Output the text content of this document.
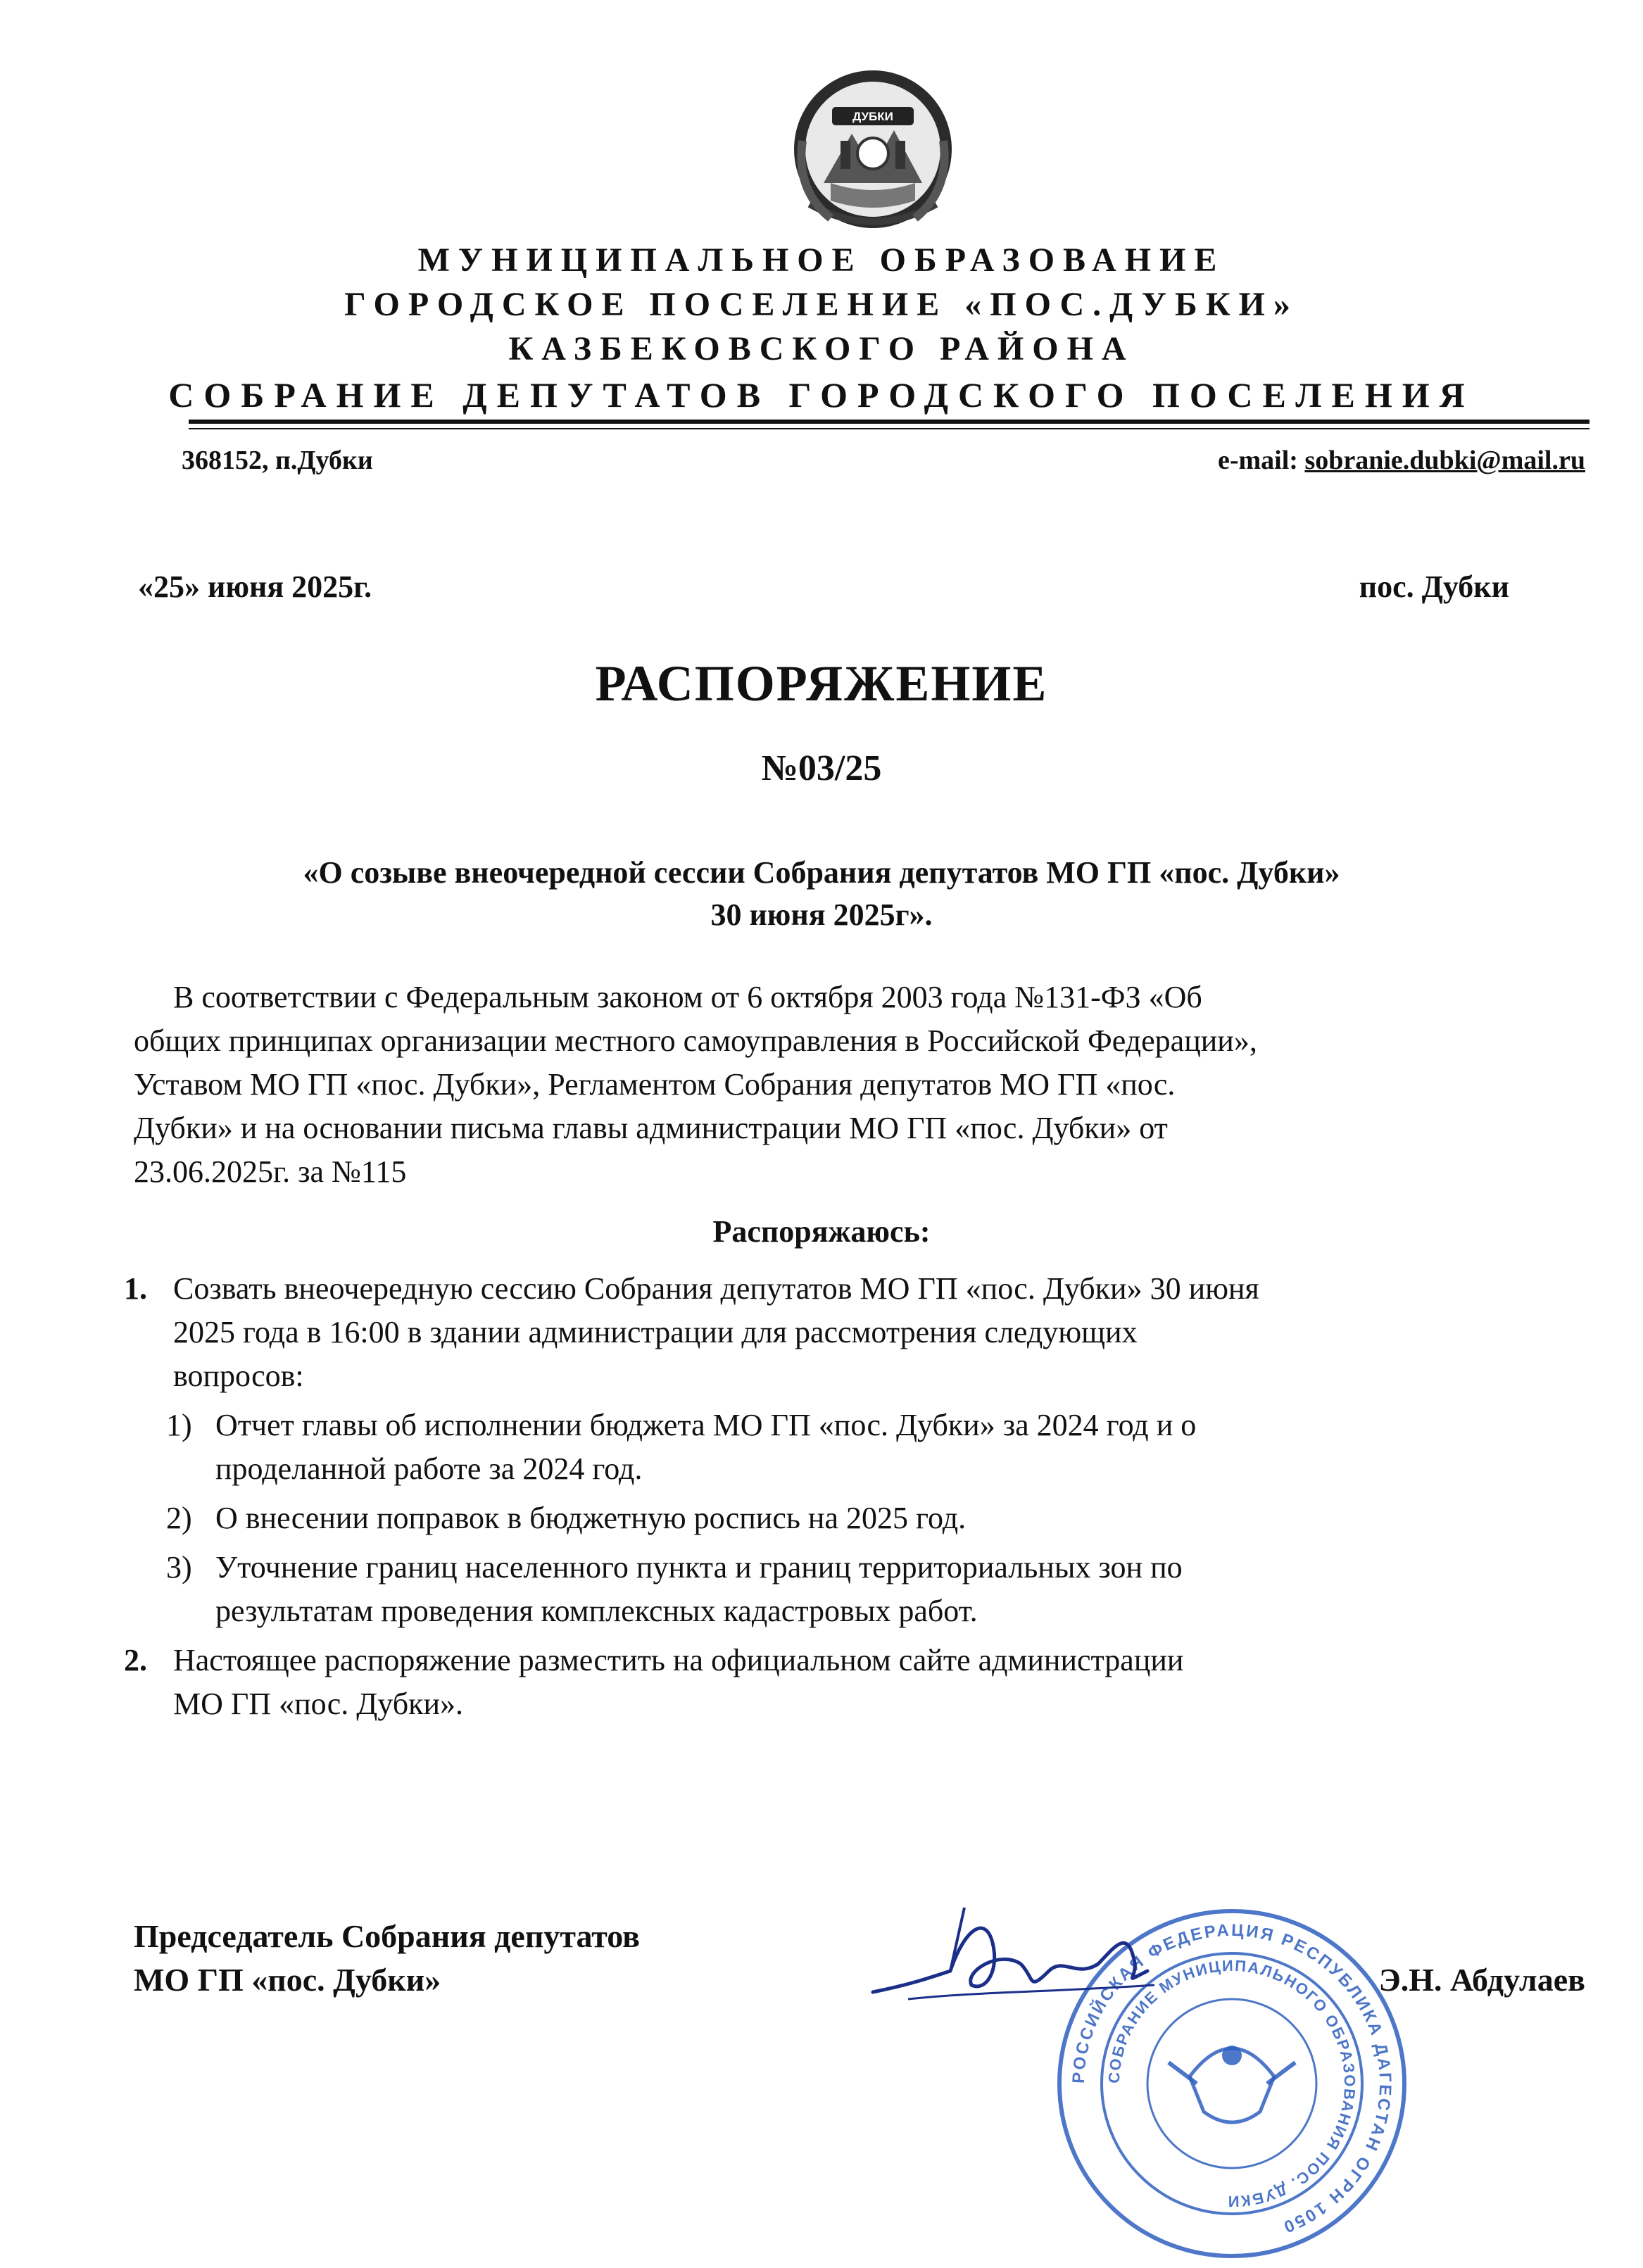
ДУБКИ
МУНИЦИПАЛЬНОЕ ОБРАЗОВАНИЕ
ГОРОДСКОЕ ПОСЕЛЕНИЕ «ПОС.ДУБКИ»
КАЗБЕКОВСКОГО РАЙОНА
СОБРАНИЕ ДЕПУТАТОВ ГОРОДСКОГО ПОСЕЛЕНИЯ
368152, п.Дубки	e-mail: sobranie.dubki@mail.ru
«25» июня 2025г.	пос. Дубки
РАСПОРЯЖЕНИЕ
№03/25
«О созыве внеочередной сессии Собрания депутатов МО ГП «пос. Дубки»
30 июня 2025г».
В соответствии с Федеральным законом от 6 октября 2003 года №131-ФЗ «Об
общих принципах организации местного самоуправления в Российской Федерации»,
Уставом МО ГП «пос. Дубки», Регламентом Собрания депутатов МО ГП «пос.
Дубки» и на основании письма главы администрации МО ГП «пос. Дубки» от
23.06.2025г. за №115
Распоряжаюсь:
1. Созвать внеочередную сессию Собрания депутатов МО ГП «пос. Дубки» 30 июня
2025 года в 16:00 в здании администрации для рассмотрения следующих
вопросов:
1) Отчет главы об исполнении бюджета МО ГП «пос. Дубки» за 2024 год и о
проделанной работе за 2024 год.
2) О внесении поправок в бюджетную роспись на 2025 год.
3) Уточнение границ населенного пункта и границ территориальных зон по
результатам проведения комплексных кадастровых работ.
2. Настоящее распоряжение разместить на официальном сайте администрации
МО ГП «пос. Дубки».
Председатель Собрания депутатов
МО ГП «пос. Дубки»
РОССИЙСКАЯ ФЕДЕРАЦИЯ РЕСПУБЛИКА ДАГЕСТАН ОГРН 1050
СОБРАНИЕ МУНИЦИПАЛЬНОГО ОБРАЗОВАНИЯ ПОС. ДУБКИ
Э.Н. Абдулаев
